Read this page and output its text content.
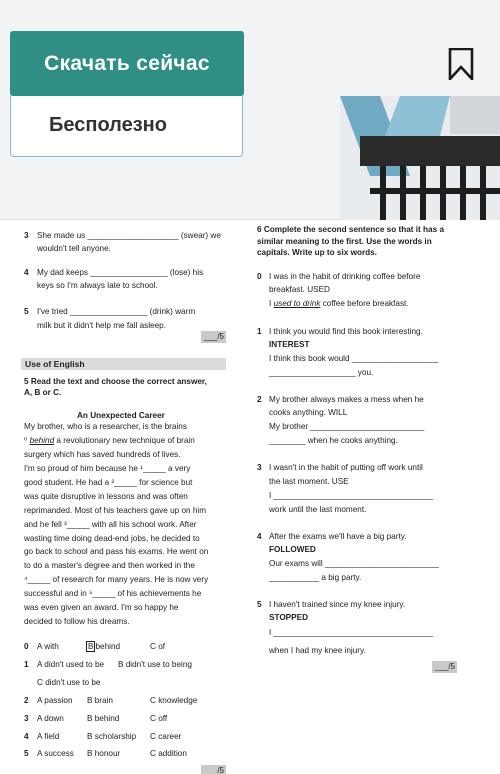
Бесполезно
Скачать сейчас
3 She made us ____________________ (swear) we
wouldn't tell anyone.
4 My dad keeps _________________ (lose) his
keys so I'm always late to school.
5 I've tried _________________ (drink) warm
milk but it didn't help me fall asleep.
___/5
Use of English
5 Read the text and choose the correct answer,
A, B or C.
An Unexpected Career
My brother, who is a researcher, is the brains
⁰ behind a revolutionary new technique of brain
surgery which has saved hundreds of lives.
I'm so proud of him because he ¹_____ a very
good student. He had a ²_____ for science but
was quite disruptive in lessons and was often
reprimanded. Most of his teachers gave up on him
and he fell ³_____ with all his school work. After
wasting time doing dead-end jobs, he decided to
go back to school and pass his exams. He went on
to do a master's degree and then worked in the
⁴_____ of research for many years. He is now very
successful and in ⁵_____ of his achievements he
was even given an award. I'm so happy he
decided to follow his dreams.
0 A with	B behind	C of
1 A didn't used to be B didn't use to being
C didn't use to be
2 A passion B brain	C knowledge
3 A down	B behind	C off
4 A field	B scholarship C career
5 A success B honour	C addition
/5
6 Complete the second sentence so that it has a
similar meaning to the first. Use the words in
capitals. Write up to six words.
0 I was in the habit of drinking coffee before
breakfast. USED
I used to drink coffee before breakfast.
1 I think you would find this book interesting.
INTEREST
I think this book would ___________________
___________________ you.
2 My brother always makes a mess when he
cooks anything. WILL
My brother _________________________
________ when he cooks anything.
3 I wasn't in the habit of putting off work until
the last moment. USE
I ___________________________________
work until the last moment.
4 After the exams we'll have a big party.
FOLLOWED
Our exams will _________________________
___________ a big party.
5 I haven't trained since my knee injury.
STOPPED
I ___________________________________
when I had my knee injury.
___/5
